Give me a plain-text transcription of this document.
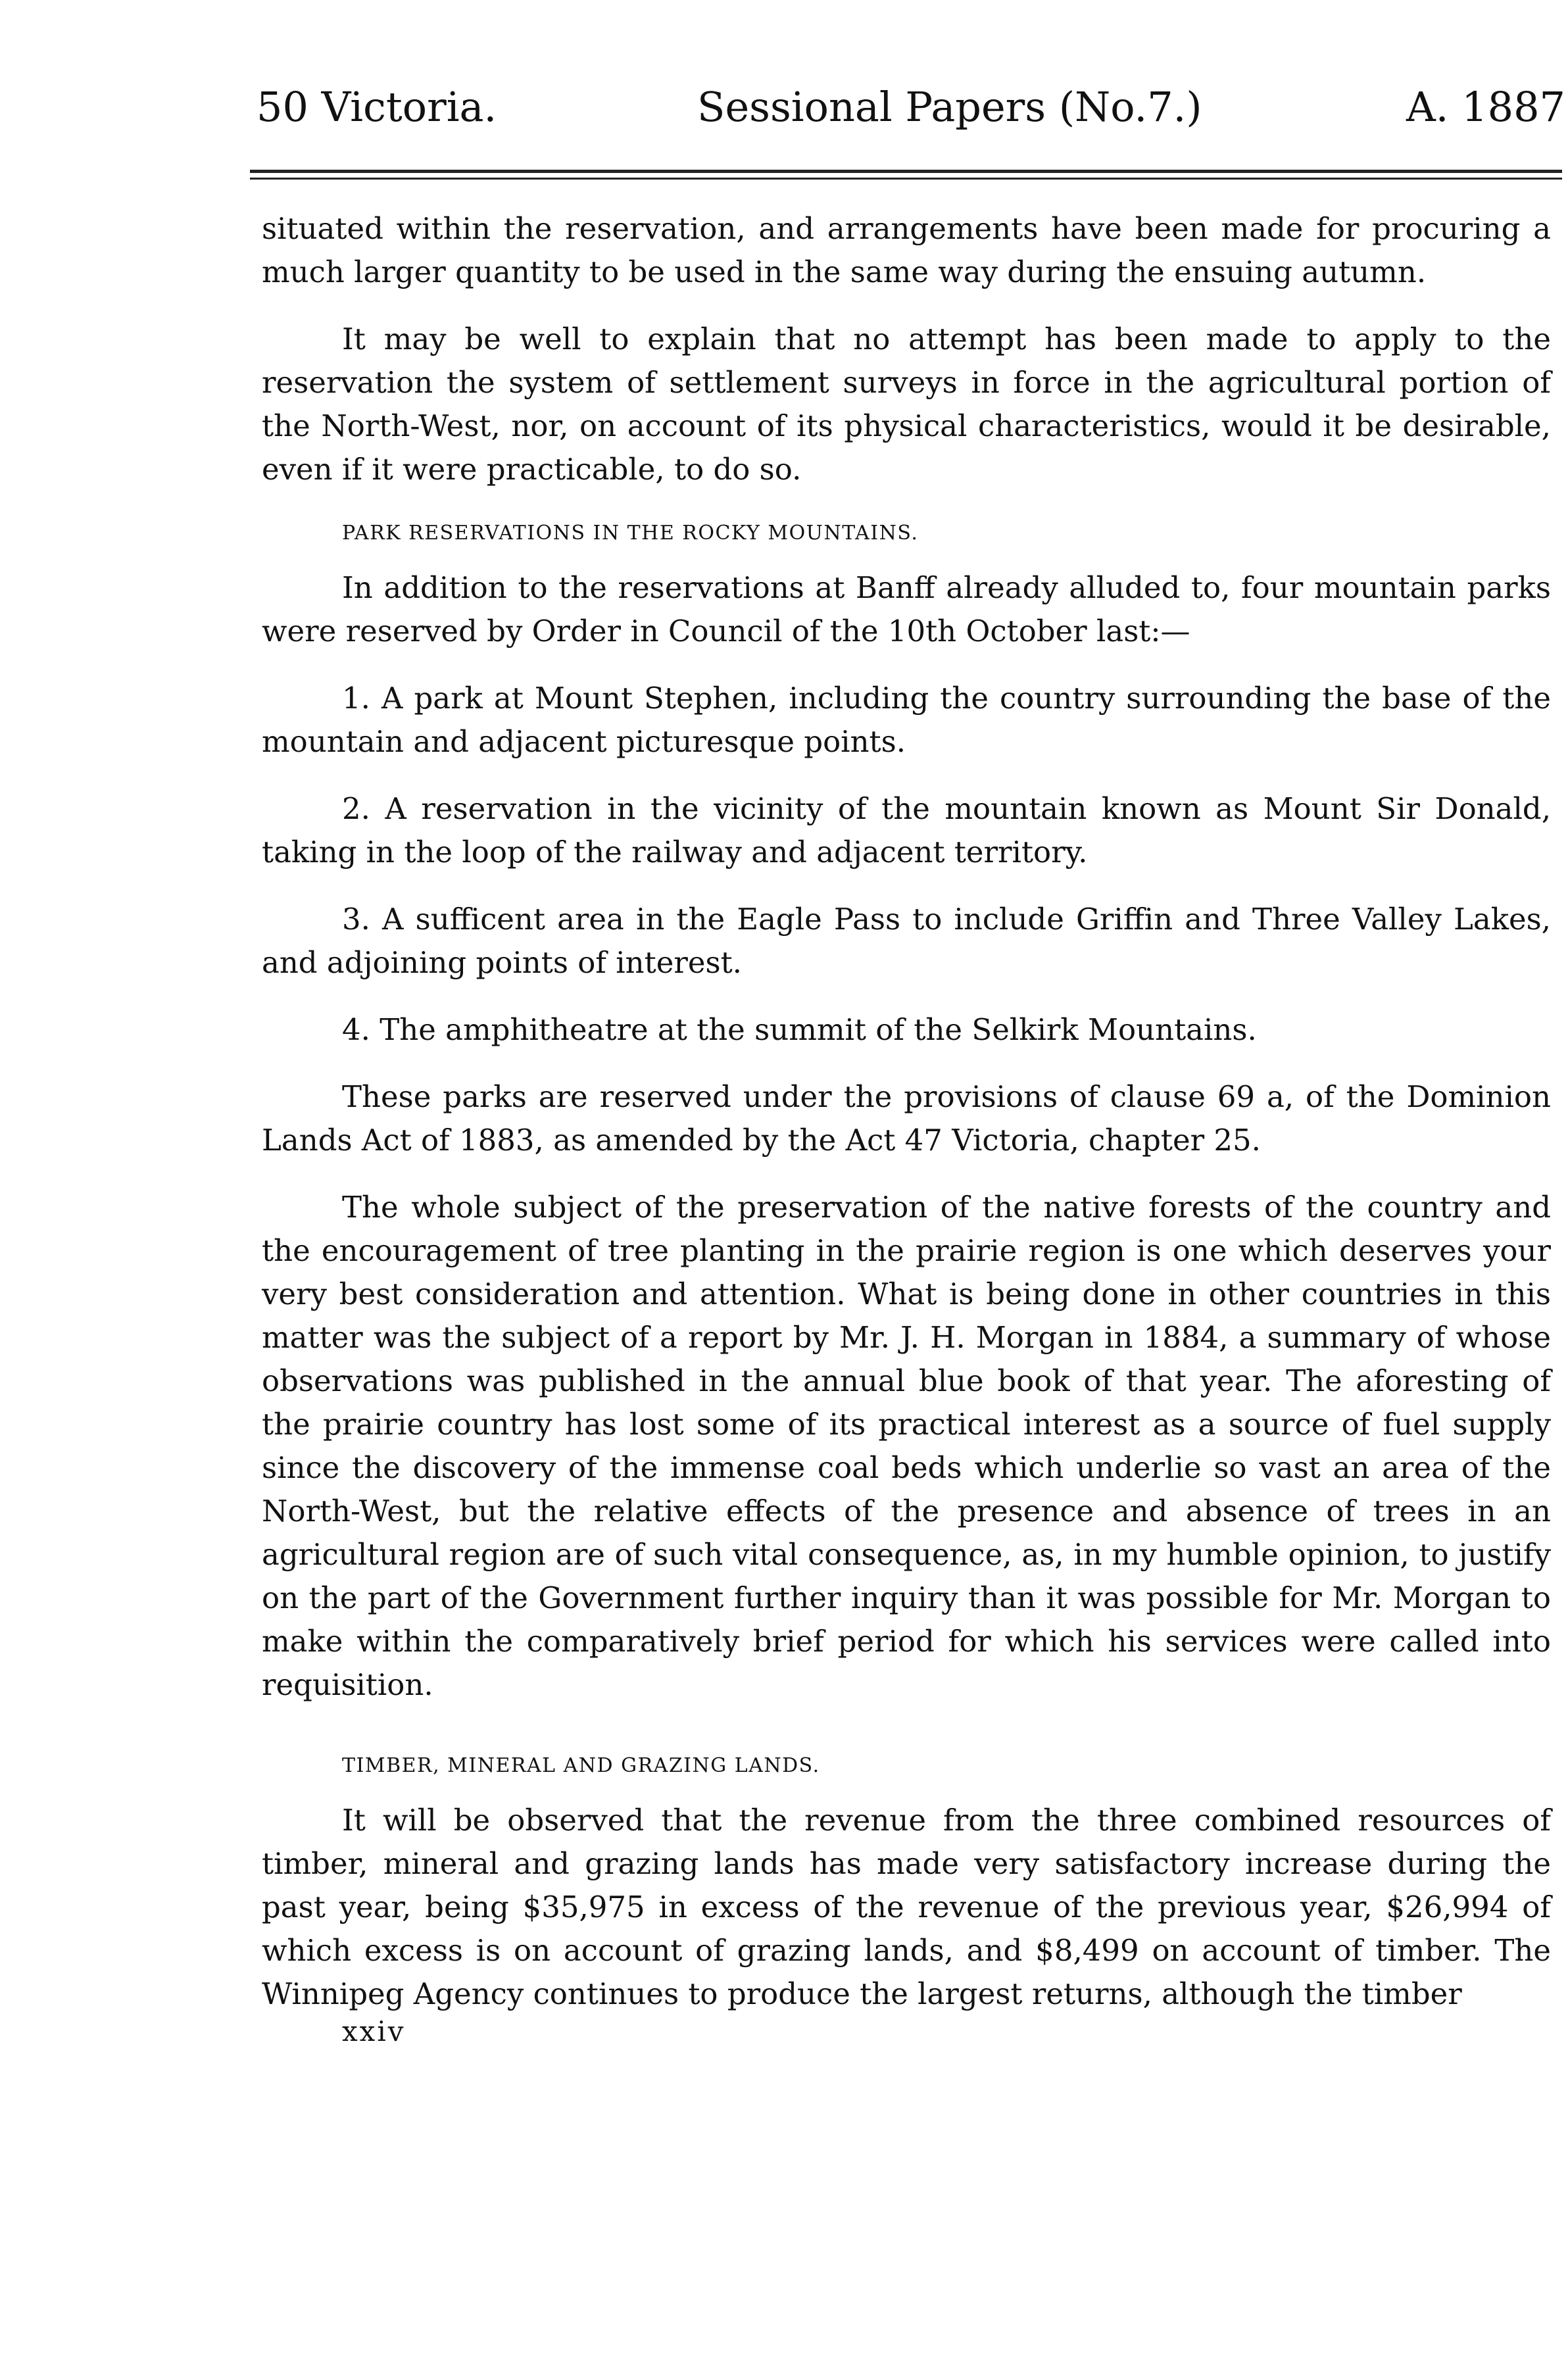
50 Victoria.	Sessional Papers (No.7.)	A. 1887

situated within the reservation, and arrangements have been made for procuring a much larger quantity to be used in the same way during the ensuing autumn.

It may be well to explain that no attempt has been made to apply to the reservation the system of settlement surveys in force in the agricultural portion of the North-West, nor, on account of its physical characteristics, would it be desirable, even if it were practicable, to do so.

PARK RESERVATIONS IN THE ROCKY MOUNTAINS.

In addition to the reservations at Banff already alluded to, four mountain parks were reserved by Order in Council of the 10th October last:—

1. A park at Mount Stephen, including the country surrounding the base of the mountain and adjacent picturesque points.

2. A reservation in the vicinity of the mountain known as Mount Sir Donald, taking in the loop of the railway and adjacent territory.

3. A sufficent area in the Eagle Pass to include Griffin and Three Valley Lakes, and adjoining points of interest.

4. The amphitheatre at the summit of the Selkirk Mountains.

These parks are reserved under the provisions of clause 69 a, of the Dominion Lands Act of 1883, as amended by the Act 47 Victoria, chapter 25.

The whole subject of the preservation of the native forests of the country and the encouragement of tree planting in the prairie region is one which deserves your very best consideration and attention. What is being done in other countries in this matter was the subject of a report by Mr. J. H. Morgan in 1884, a summary of whose observations was published in the annual blue book of that year. The aforesting of the prairie country has lost some of its practical interest as a source of fuel supply since the discovery of the immense coal beds which underlie so vast an area of the North-West, but the relative effects of the presence and absence of trees in an agricultural region are of such vital consequence, as, in my humble opinion, to justify on the part of the Government further inquiry than it was possible for Mr. Morgan to make within the comparatively brief period for which his services were called into requisition.

TIMBER, MINERAL AND GRAZING LANDS.

It will be observed that the revenue from the three combined resources of timber, mineral and grazing lands has made very satisfactory increase during the past year, being $35,975 in excess of the revenue of the previous year, $26,994 of which excess is on account of grazing lands, and $8,499 on account of timber. The Winnipeg Agency continues to produce the largest returns, although the timber

xxiv
